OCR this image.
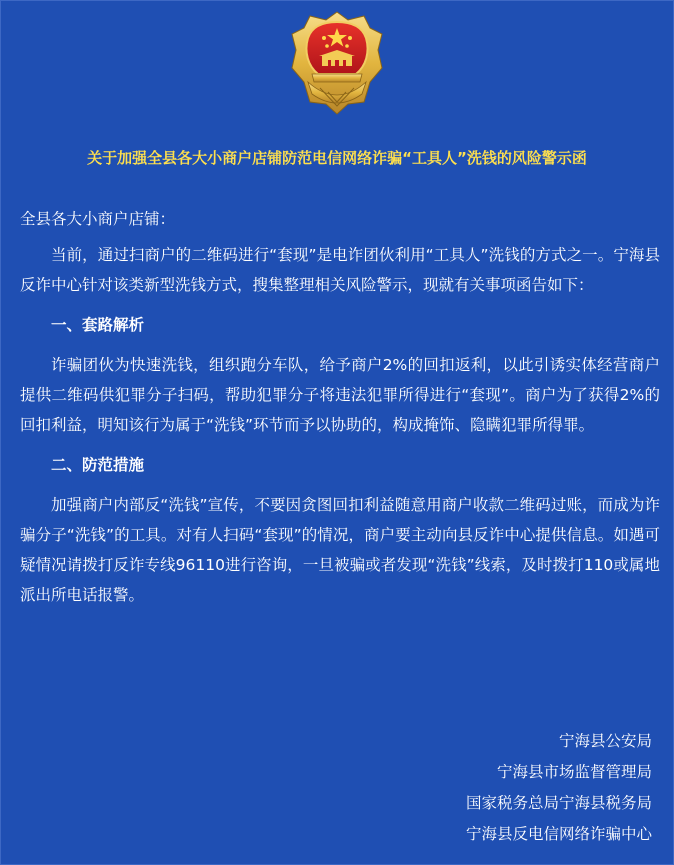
关于加强全县各大小商户店铺防范电信网络诈骗“工具人”洗钱的风险警示函

全县各大小商户店铺：

当前，通过扫商户的二维码进行“套现”是电诈团伙利用“工具人”洗钱的方式之一。宁海县反诈中心针对该类新型洗钱方式，搜集整理相关风险警示，现就有关事项函告如下：

一、套路解析

诈骗团伙为快速洗钱，组织跑分车队，给予商户2%的回扣返利，以此引诱实体经营商户提供二维码供犯罪分子扫码，帮助犯罪分子将违法犯罪所得进行“套现”。商户为了获得2%的回扣利益，明知该行为属于“洗钱”环节而予以协助的，构成掩饰、隐瞒犯罪所得罪。

二、防范措施

加强商户内部反“洗钱”宣传，不要因贪图回扣利益随意用商户收款二维码过账，而成为诈骗分子“洗钱”的工具。对有人扫码“套现”的情况，商户要主动向县反诈中心提供信息。如遇可疑情况请拨打反诈专线96110进行咨询，一旦被骗或者发现“洗钱”线索，及时拨打110或属地派出所电话报警。

宁海县公安局
宁海县市场监督管理局
国家税务总局宁海县税务局
宁海县反电信网络诈骗中心
